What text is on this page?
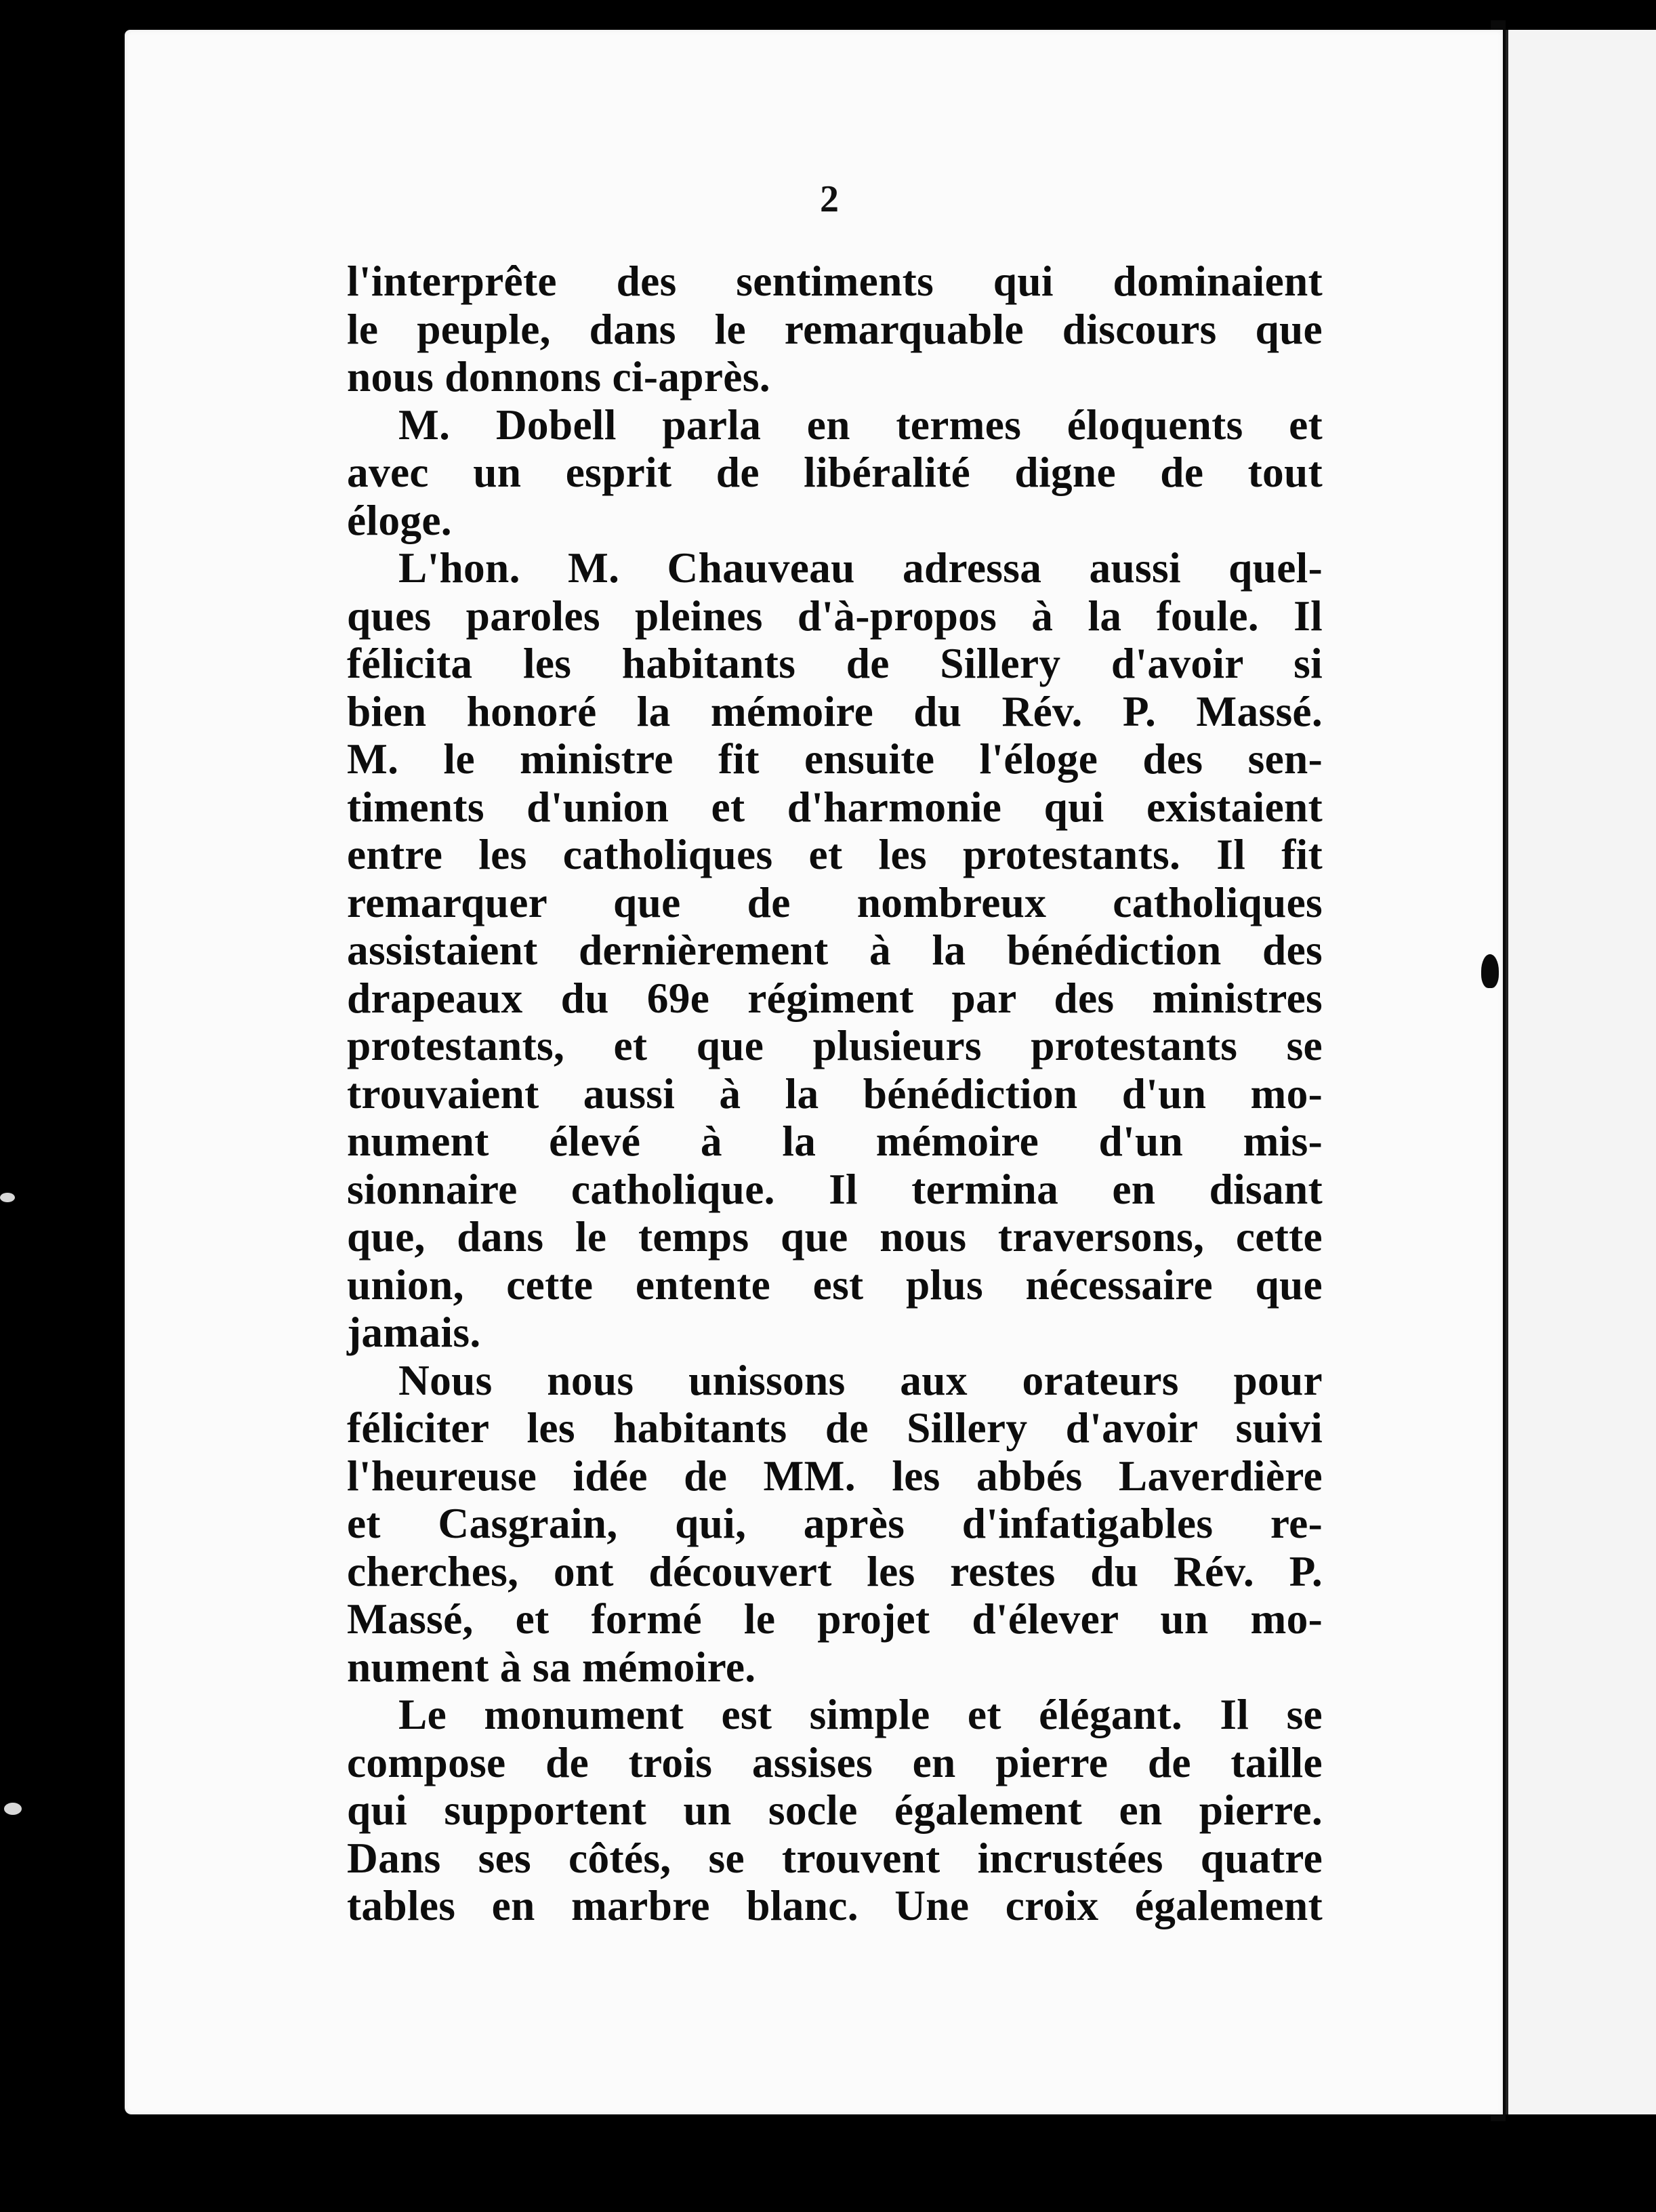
2

l'interprête des sentiments qui dominaient
le peuple, dans le remarquable discours que
nous donnons ci-après.
M. Dobell parla en termes éloquents et
avec un esprit de libéralité digne de tout
éloge.
L'hon. M. Chauveau adressa aussi quel-
ques paroles pleines d'à-propos à la foule. Il
félicita les habitants de Sillery d'avoir si
bien honoré la mémoire du Rév. P. Massé.
M. le ministre fit ensuite l'éloge des sen-
timents d'union et d'harmonie qui existaient
entre les catholiques et les protestants. Il fit
remarquer que de nombreux catholiques
assistaient dernièrement à la bénédiction des
drapeaux du 69e régiment par des ministres
protestants, et que plusieurs protestants se
trouvaient aussi à la bénédiction d'un mo-
nument élevé à la mémoire d'un mis-
sionnaire catholique. Il termina en disant
que, dans le temps que nous traversons, cette
union, cette entente est plus nécessaire que
jamais.
Nous nous unissons aux orateurs pour
féliciter les habitants de Sillery d'avoir suivi
l'heureuse idée de MM. les abbés Laverdière
et Casgrain, qui, après d'infatigables re-
cherches, ont découvert les restes du Rév. P.
Massé, et formé le projet d'élever un mo-
nument à sa mémoire.
Le monument est simple et élégant. Il se
compose de trois assises en pierre de taille
qui supportent un socle également en pierre.
Dans ses côtés, se trouvent incrustées quatre
tables en marbre blanc. Une croix également
